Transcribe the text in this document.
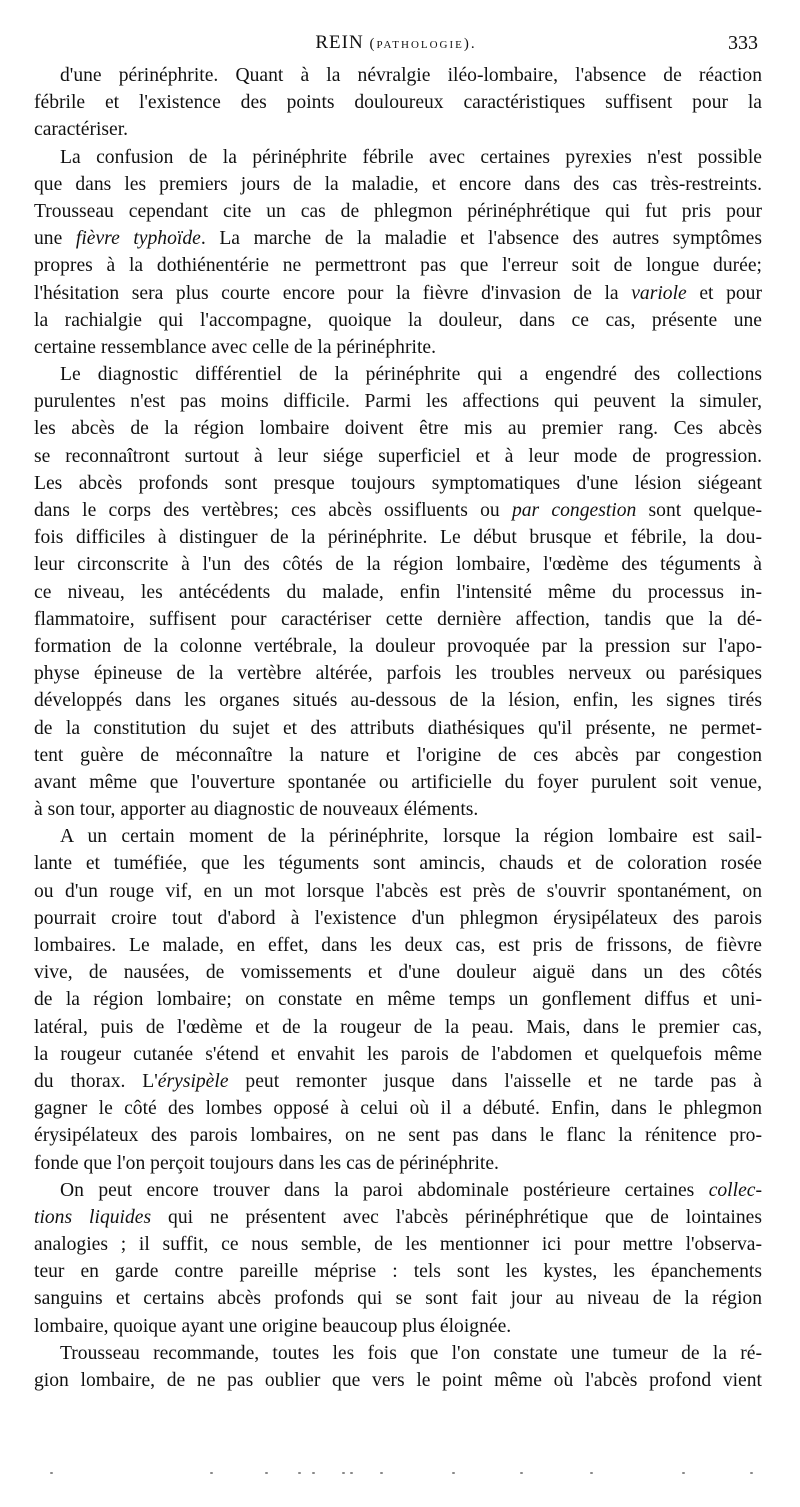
REIN (pathologie).	333
d'une périnéphrite. Quant à la névralgie iléo-lombaire, l'absence de réaction
fébrile et l'existence des points douloureux caractéristiques suffisent pour la
caractériser.
La confusion de la périnéphrite fébrile avec certaines pyrexies n'est possible
que dans les premiers jours de la maladie, et encore dans des cas très-restreints.
Trousseau cependant cite un cas de phlegmon périnéphrétique qui fut pris pour
une fièvre typhoïde. La marche de la maladie et l'absence des autres symptômes
propres à la dothiénentérie ne permettront pas que l'erreur soit de longue durée;
l'hésitation sera plus courte encore pour la fièvre d'invasion de la variole et pour
la rachialgie qui l'accompagne, quoique la douleur, dans ce cas, présente une
certaine ressemblance avec celle de la périnéphrite.
Le diagnostic différentiel de la périnéphrite qui a engendré des collections
purulentes n'est pas moins difficile. Parmi les affections qui peuvent la simuler,
les abcès de la région lombaire doivent être mis au premier rang. Ces abcès
se reconnaîtront surtout à leur siége superficiel et à leur mode de progression.
Les abcès profonds sont presque toujours symptomatiques d'une lésion siégeant
dans le corps des vertèbres; ces abcès ossifluents ou par congestion sont quelque-
fois difficiles à distinguer de la périnéphrite. Le début brusque et fébrile, la dou-
leur circonscrite à l'un des côtés de la région lombaire, l'œdème des téguments à
ce niveau, les antécédents du malade, enfin l'intensité même du processus in-
flammatoire, suffisent pour caractériser cette dernière affection, tandis que la dé-
formation de la colonne vertébrale, la douleur provoquée par la pression sur l'apo-
physe épineuse de la vertèbre altérée, parfois les troubles nerveux ou parésiques
développés dans les organes situés au-dessous de la lésion, enfin, les signes tirés
de la constitution du sujet et des attributs diathésiques qu'il présente, ne permet-
tent guère de méconnaître la nature et l'origine de ces abcès par congestion
avant même que l'ouverture spontanée ou artificielle du foyer purulent soit venue,
à son tour, apporter au diagnostic de nouveaux éléments.
A un certain moment de la périnéphrite, lorsque la région lombaire est sail-
lante et tuméfiée, que les téguments sont amincis, chauds et de coloration rosée
ou d'un rouge vif, en un mot lorsque l'abcès est près de s'ouvrir spontanément, on
pourrait croire tout d'abord à l'existence d'un phlegmon érysipélateux des parois
lombaires. Le malade, en effet, dans les deux cas, est pris de frissons, de fièvre
vive, de nausées, de vomissements et d'une douleur aiguë dans un des côtés
de la région lombaire; on constate en même temps un gonflement diffus et uni-
latéral, puis de l'œdème et de la rougeur de la peau. Mais, dans le premier cas,
la rougeur cutanée s'étend et envahit les parois de l'abdomen et quelquefois même
du thorax. L'érysipèle peut remonter jusque dans l'aisselle et ne tarde pas à
gagner le côté des lombes opposé à celui où il a débuté. Enfin, dans le phlegmon
érysipélateux des parois lombaires, on ne sent pas dans le flanc la rénitence pro-
fonde que l'on perçoit toujours dans les cas de périnéphrite.
On peut encore trouver dans la paroi abdominale postérieure certaines collec-
tions liquides qui ne présentent avec l'abcès périnéphrétique que de lointaines
analogies ; il suffit, ce nous semble, de les mentionner ici pour mettre l'observa-
teur en garde contre pareille méprise : tels sont les kystes, les épanchements
sanguins et certains abcès profonds qui se sont fait jour au niveau de la région
lombaire, quoique ayant une origine beaucoup plus éloignée.
Trousseau recommande, toutes les fois que l'on constate une tumeur de la ré-
gion lombaire, de ne pas oublier que vers le point même où l'abcès profond vient
